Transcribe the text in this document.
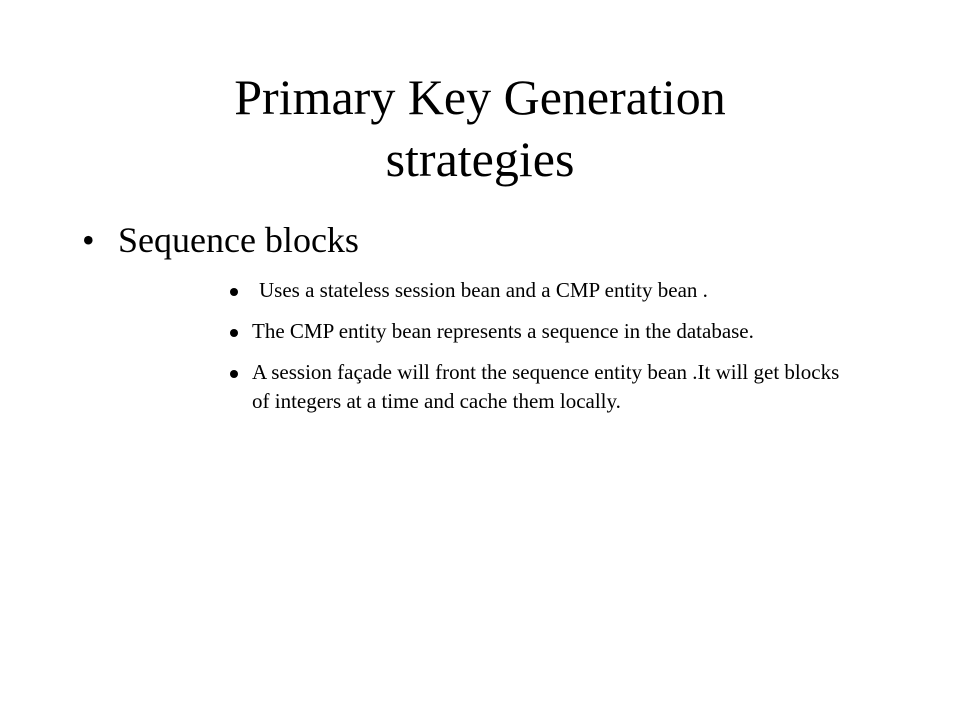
Primary Key Generation
strategies
• Sequence blocks
Uses a stateless session bean and a CMP entity bean .
The CMP entity bean represents a sequence in the database.
A session façade will front the sequence entity bean .It will get blocks of integers at a time and cache them locally.
